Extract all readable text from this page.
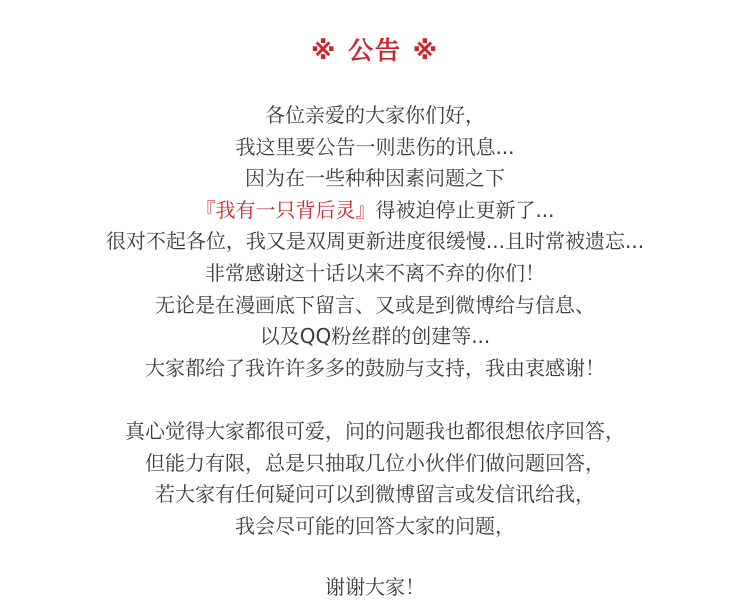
※ 公告 ※
各位亲爱的大家你们好，
我这里要公告一则悲伤的讯息...
因为在一些种种因素问题之下
『我有一只背后灵』得被迫停止更新了...
很对不起各位，我又是双周更新进度很缓慢...且时常被遗忘...
非常感谢这十话以来不离不弃的你们！
无论是在漫画底下留言、又或是到微博给与信息、
以及QQ粉丝群的创建等...
大家都给了我许许多多的鼓励与支持，我由衷感谢！
真心觉得大家都很可爱，问的问题我也都很想依序回答，
但能力有限，总是只抽取几位小伙伴们做问题回答，
若大家有任何疑问可以到微博留言或发信讯给我，
我会尽可能的回答大家的问题，
谢谢大家！
